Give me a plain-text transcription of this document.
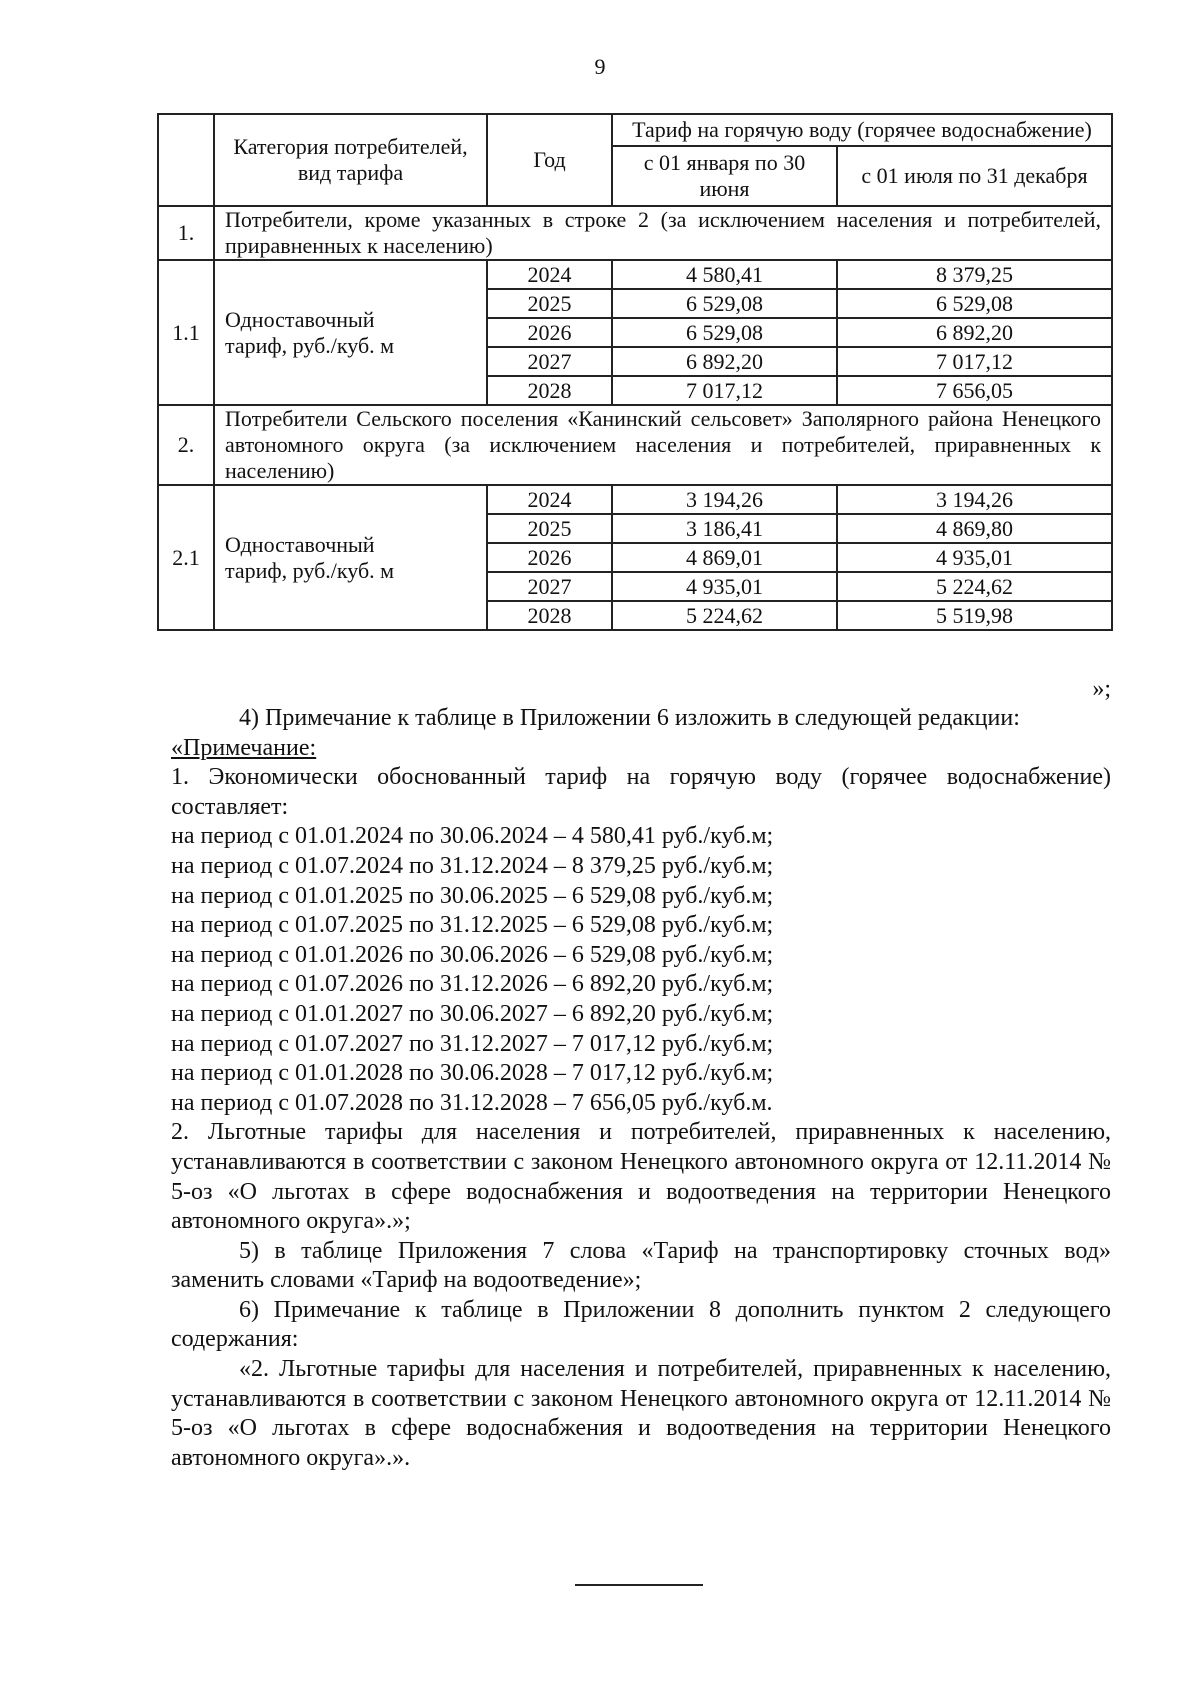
9
	Категория потребителей, вид тарифа	Год	Тариф на горячую воду (горячее водоснабжение)	
			с 01 января по 30 июня	с 01 июля по 31 декабря
1.	Потребители, кроме указанных в строке 2 (за исключением населения и потребителей, приравненных к населению)			
1.1	Одноставочный тариф, руб./куб. м	2024	4 580,41	8 379,25
		2025	6 529,08	6 529,08
		2026	6 529,08	6 892,20
		2027	6 892,20	7 017,12
		2028	7 017,12	7 656,05
2.	Потребители Сельского поселения «Канинский сельсовет» Заполярного района Ненецкого автономного округа (за исключением населения и потребителей, приравненных к населению)			
2.1	Одноставочный тариф, руб./куб. м	2024	3 194,26	3 194,26
		2025	3 186,41	4 869,80
		2026	4 869,01	4 935,01
		2027	4 935,01	5 224,62
		2028	5 224,62	5 519,98
»;

4) Примечание к таблице в Приложении 6 изложить в следующей редакции:

«Примечание:

1. Экономически обоснованный тариф на горячую воду (горячее водоснабжение) составляет:

на период с 01.01.2024 по 30.06.2024 – 4 580,41 руб./куб.м;

на период с 01.07.2024 по 31.12.2024 – 8 379,25 руб./куб.м;

на период с 01.01.2025 по 30.06.2025 – 6 529,08 руб./куб.м;

на период с 01.07.2025 по 31.12.2025 – 6 529,08 руб./куб.м;

на период с 01.01.2026 по 30.06.2026 – 6 529,08 руб./куб.м;

на период с 01.07.2026 по 31.12.2026 – 6 892,20 руб./куб.м;

на период с 01.01.2027 по 30.06.2027 – 6 892,20 руб./куб.м;

на период с 01.07.2027 по 31.12.2027 – 7 017,12 руб./куб.м;

на период с 01.01.2028 по 30.06.2028 – 7 017,12 руб./куб.м;

на период с 01.07.2028 по 31.12.2028 – 7 656,05 руб./куб.м.

2. Льготные тарифы для населения и потребителей, приравненных к населению, устанавливаются в соответствии с законом Ненецкого автономного округа от 12.11.2014 № 5-оз «О льготах в сфере водоснабжения и водоотведения на территории Ненецкого автономного округа».»;

5) в таблице Приложения 7 слова «Тариф на транспортировку сточных вод» заменить словами «Тариф на водоотведение»;

6) Примечание к таблице в Приложении 8 дополнить пунктом 2 следующего содержания:

«2. Льготные тарифы для населения и потребителей, приравненных к населению, устанавливаются в соответствии с законом Ненецкого автономного округа от 12.11.2014 № 5-оз «О льготах в сфере водоснабжения и водоотведения на территории Ненецкого автономного округа».».
